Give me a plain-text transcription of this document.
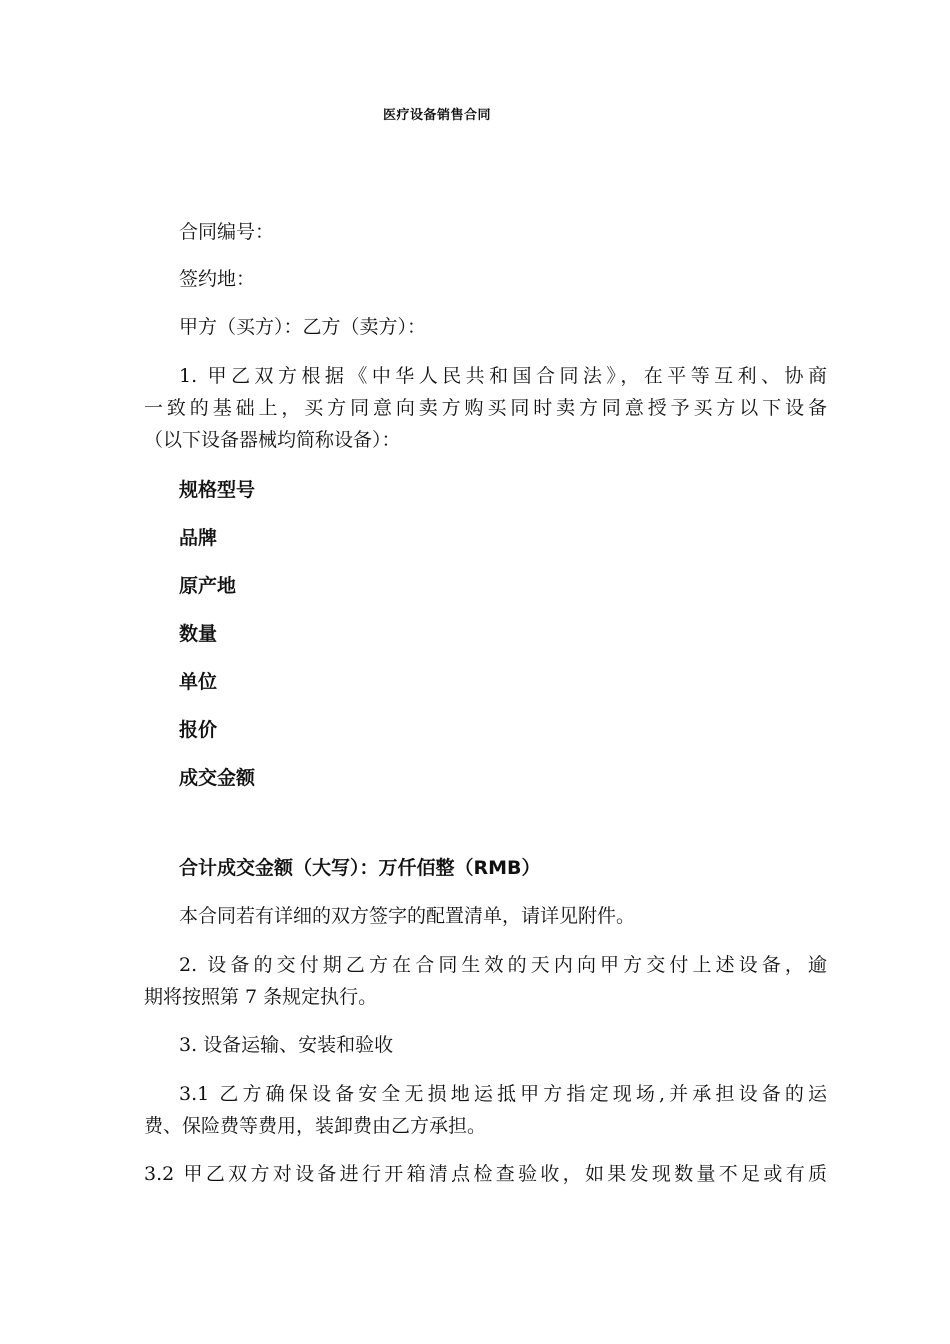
医疗设备销售合同
合同编号：
签约地：
甲方（买方）：乙方（卖方）：
1. 甲乙双方根据《中华人民共和国合同法》，在平等互利、协商
一致的基础上，买方同意向卖方购买同时卖方同意授予买方以下设备
（以下设备器械均简称设备）：
规格型号
品牌
原产地
数量
单位
报价
成交金额
合计成交金额（大写）：万仟佰整（RMB）
本合同若有详细的双方签字的配置清单，请详见附件。
2. 设备的交付期乙方在合同生效的天内向甲方交付上述设备，逾
期将按照第 7 条规定执行。
3. 设备运输、安装和验收
3.1 乙方确保设备安全无损地运抵甲方指定现场,并承担设备的运
费、保险费等费用，装卸费由乙方承担。
3.2 甲乙双方对设备进行开箱清点检查验收，如果发现数量不足或有质
